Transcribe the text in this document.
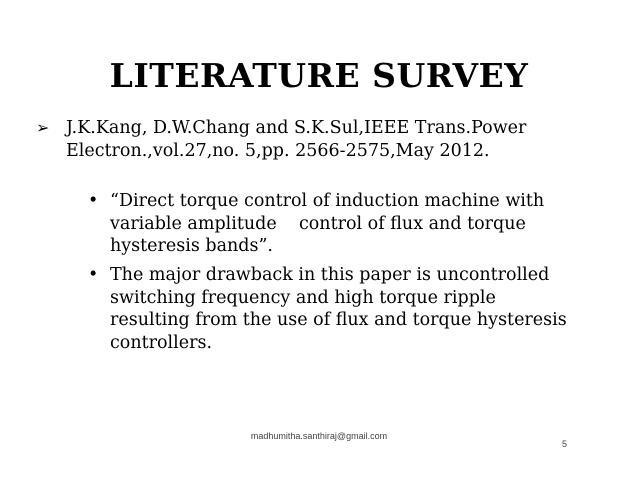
LITERATURE SURVEY
➢ J.K.Kang, D.W.Chang and S.K.Sul,IEEE Trans.Power Electron.,vol.27,no. 5,pp. 2566-2575,May 2012.
• “Direct torque control of induction machine with variable amplitude    control of flux and torque hysteresis bands”.
• The major drawback in this paper is uncontrolled switching frequency and high torque ripple resulting from the use of flux and torque hysteresis controllers.
madhumitha.santhiraj@gmail.com
5
